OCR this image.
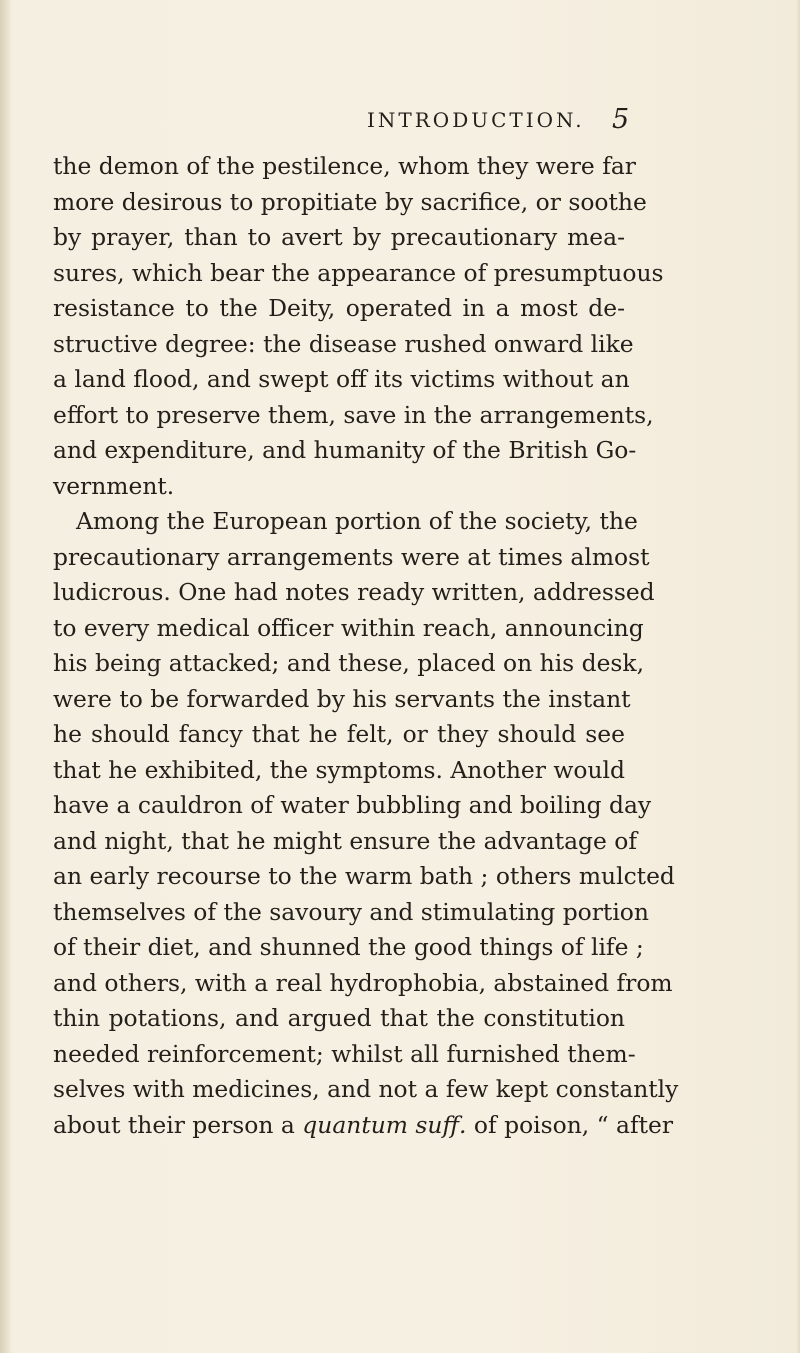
INTRODUCTION. 5
the demon of the pestilence, whom they were far
more desirous to propitiate by sacrifice, or soothe
by prayer, than to avert by precautionary mea-
sures, which bear the appearance of presumptuous
resistance to the Deity, operated in a most de-
structive degree: the disease rushed onward like
a land flood, and swept off its victims without an
effort to preserve them, save in the arrangements,
and expenditure, and humanity of the British Go-
vernment.
Among the European portion of the society, the
precautionary arrangements were at times almost
ludicrous. One had notes ready written, addressed
to every medical officer within reach, announcing
his being attacked; and these, placed on his desk,
were to be forwarded by his servants the instant
he should fancy that he felt, or they should see
that he exhibited, the symptoms. Another would
have a cauldron of water bubbling and boiling day
and night, that he might ensure the advantage of
an early recourse to the warm bath ; others mulcted
themselves of the savoury and stimulating portion
of their diet, and shunned the good things of life ;
and others, with a real hydrophobia, abstained from
thin potations, and argued that the constitution
needed reinforcement; whilst all furnished them-
selves with medicines, and not a few kept constantly
about their person a quantum suff. of poison, “ after
